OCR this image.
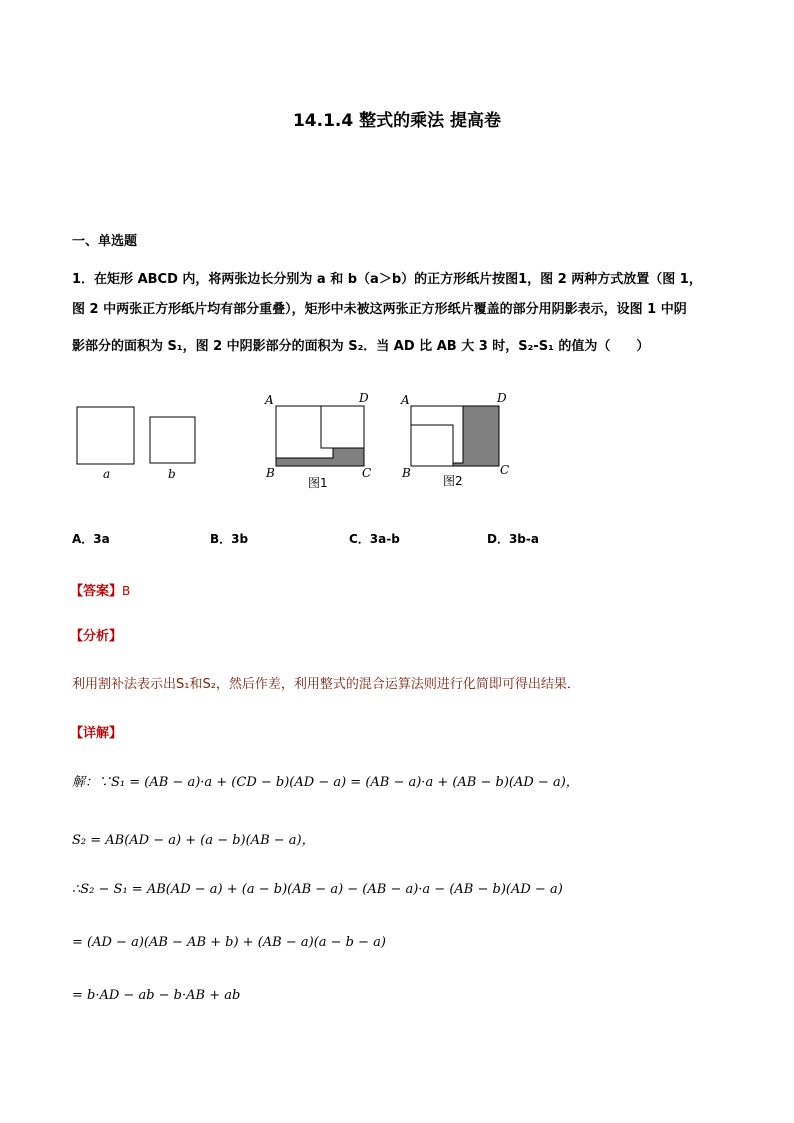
14.1.4 整式的乘法 提高卷
一、单选题
1．在矩形 ABCD 内，将两张边长分别为 a 和 b（a＞b）的正方形纸片按图1，图 2 两种方式放置（图 1，
图 2 中两张正方形纸片均有部分重叠），矩形中未被这两张正方形纸片覆盖的部分用阴影表示，设图 1 中阴
影部分的面积为 S₁，图 2 中阴影部分的面积为 S₂．当 AD 比 AB 大 3 时，S₂-S₁ 的值为（　　）
a	b
A	D
B	C
图1
A	D
B	C
图2
A．3a	B．3b	C．3a-b	D．3b-a
【答案】B
【分析】
利用割补法表示出S₁和S₂，然后作差，利用整式的混合运算法则进行化简即可得出结果．
【详解】
解：∵S₁ = (AB − a)·a + (CD − b)(AD − a) = (AB − a)·a + (AB − b)(AD − a)，
S₂ = AB(AD − a) + (a − b)(AB − a)，
∴S₂ − S₁ = AB(AD − a) + (a − b)(AB − a) − (AB − a)·a − (AB − b)(AD − a)
= (AD − a)(AB − AB + b) + (AB − a)(a − b − a)
= b·AD − ab − b·AB + ab
